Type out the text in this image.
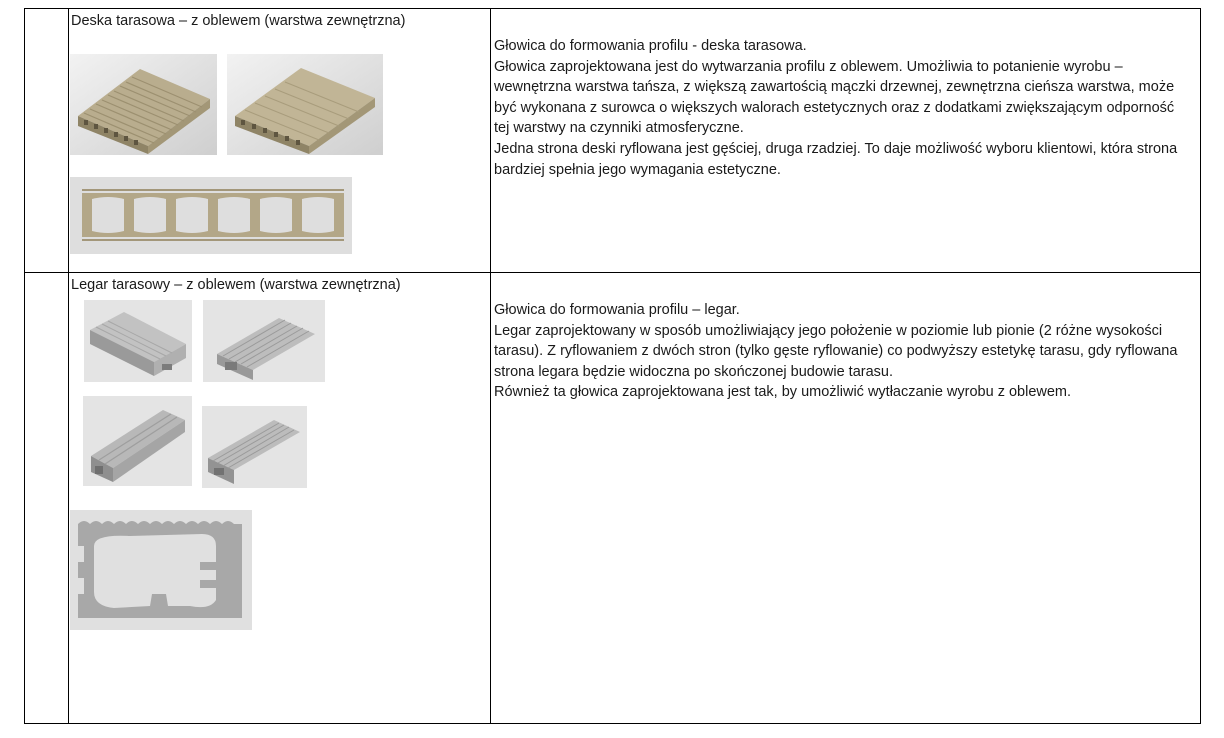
	Deska tarasowa – z oblewem (warstwa zewnętrzna)	Głowica do formowania profilu - deska tarasowa.

Głowica zaprojektowana jest do wytwarzania profilu z oblewem. Umożliwia to potanienie wyrobu – wewnętrzna warstwa tańsza, z większą zawartością mączki drzewnej, zewnętrzna cieńsza warstwa, może być wykonana z surowca o większych walorach estetycznych oraz z dodatkami zwiększającym odporność tej warstwy na czynniki atmosferyczne.

Jedna strona deski ryflowana jest gęściej, druga rzadziej. To daje możliwość wyboru klientowi, która strona bardziej spełnia jego wymagania estetyczne.

	Legar tarasowy – z oblewem (warstwa zewnętrzna)	Głowica do formowania profilu – legar.

Legar zaprojektowany w sposób umożliwiający jego położenie w poziomie lub pionie (2 różne wysokości tarasu). Z ryflowaniem z dwóch stron (tylko gęste ryflowanie) co podwyższy estetykę tarasu, gdy ryflowana strona legara będzie widoczna po skończonej budowie tarasu.

Również ta głowica zaprojektowana jest tak, by umożliwić wytłaczanie wyrobu z oblewem.
